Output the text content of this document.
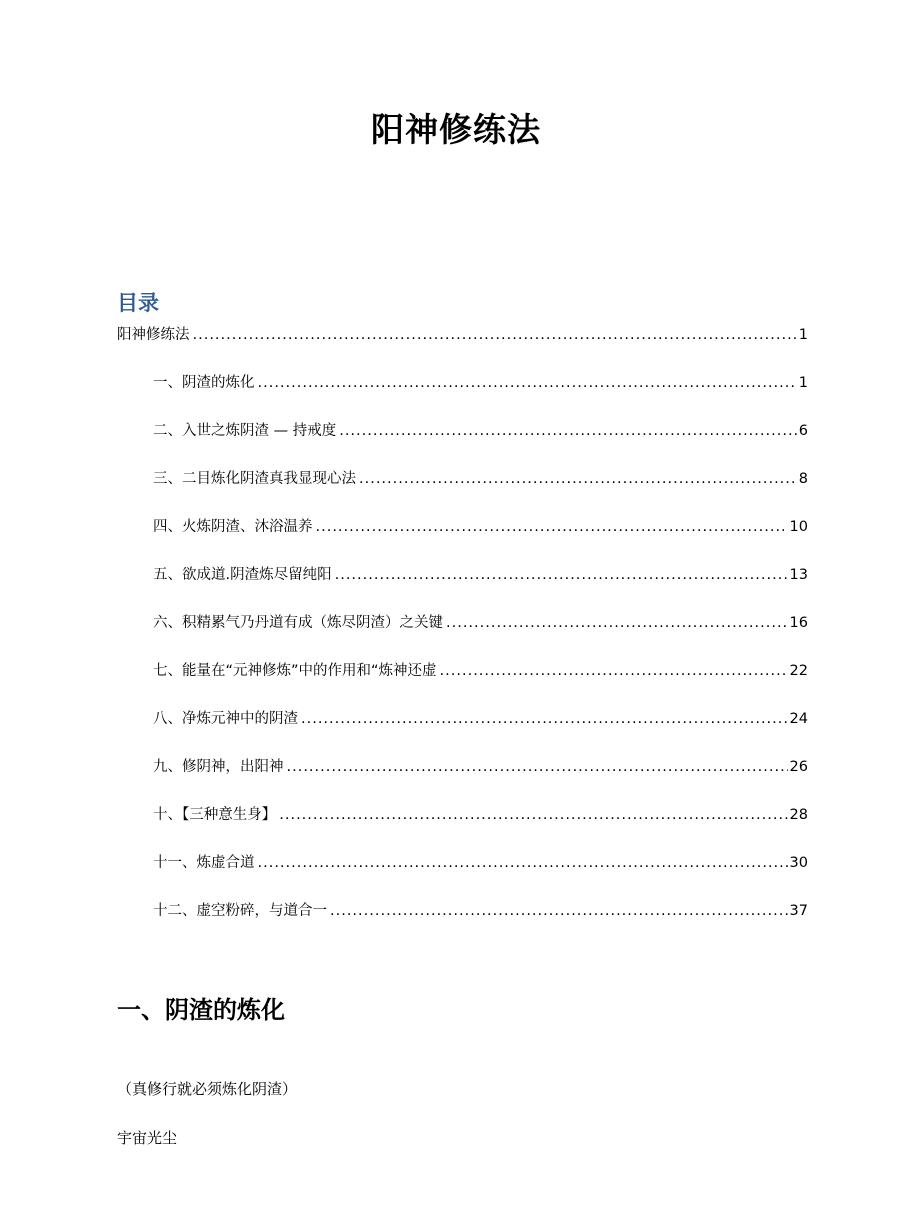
阳神修练法
目录
阳神修练法 .....	1
一、阴渣的炼化 .....	1
二、入世之炼阴渣 — 持戒度 .....	6
三、二目炼化阴渣真我显现心法 .....	8
四、火炼阴渣、沐浴温养 .....	10
五、欲成道.阴渣炼尽留纯阳 .....	13
六、积精累气乃丹道有成（炼尽阴渣）之关键 .....	16
七、能量在“元神修炼”中的作用和“炼神还虚 .....	22
八、净炼元神中的阴渣 .....	24
九、修阴神，出阳神 .....	26
十、【三种意生身】 .....	28
十一、炼虚合道 .....	30
十二、虚空粉碎，与道合一 .....	37
一、阴渣的炼化
（真修行就必须炼化阴渣）
宇宙光尘
